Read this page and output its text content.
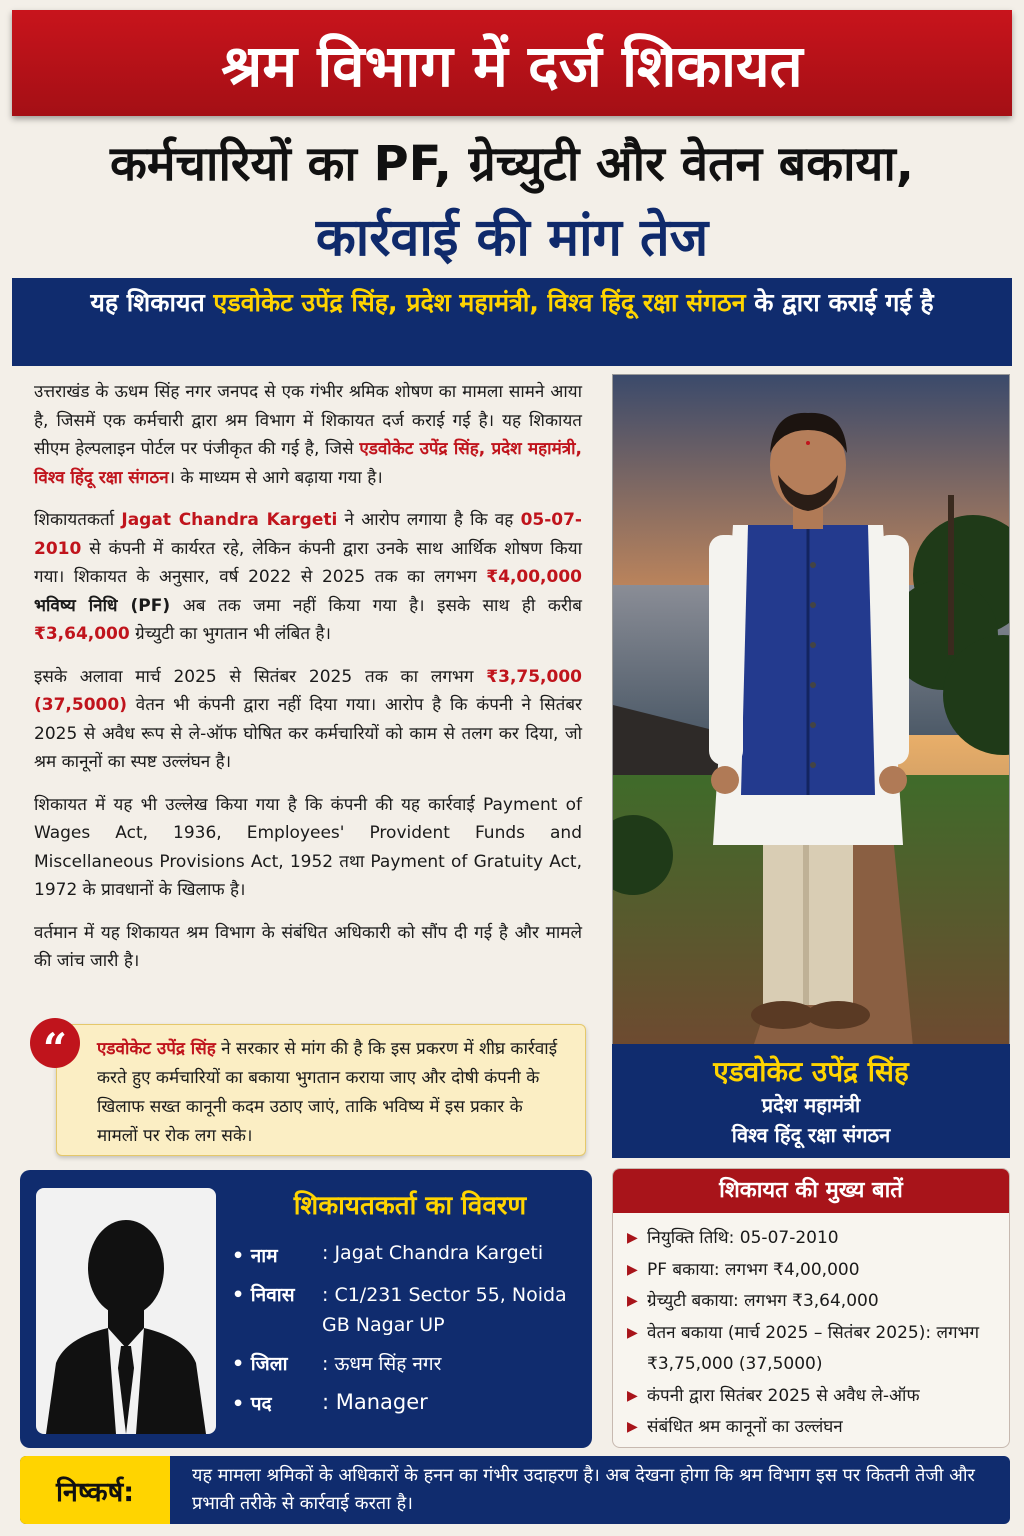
श्रम विभाग में दर्ज शिकायत
कर्मचारियों का PF, ग्रेच्युटी और वेतन बकाया,
कार्रवाई की मांग तेज
यह शिकायत एडवोकेट उपेंद्र सिंह, प्रदेश महामंत्री, विश्व हिंदू रक्षा संगठन के द्वारा कराई गई है

उत्तराखंड के ऊधम सिंह नगर जनपद से एक गंभीर श्रमिक शोषण का मामला सामने आया है, जिसमें एक कर्मचारी द्वारा श्रम विभाग में शिकायत दर्ज कराई गई है। यह शिकायत सीएम हेल्पलाइन पोर्टल पर पंजीकृत की गई है, जिसे एडवोकेट उपेंद्र सिंह, प्रदेश महामंत्री, विश्व हिंदू रक्षा संगठन। के माध्यम से आगे बढ़ाया गया है।

शिकायतकर्ता Jagat Chandra Kargeti ने आरोप लगाया है कि वह 05-07-2010 से कंपनी में कार्यरत रहे, लेकिन कंपनी द्वारा उनके साथ आर्थिक शोषण किया गया। शिकायत के अनुसार, वर्ष 2022 से 2025 तक का लगभग ₹4,00,000 भविष्य निधि (PF) अब तक जमा नहीं किया गया है। इसके साथ ही करीब ₹3,64,000 ग्रेच्युटी का भुगतान भी लंबित है।

इसके अलावा मार्च 2025 से सितंबर 2025 तक का लगभग ₹3,75,000 (37,5000) वेतन भी कंपनी द्वारा नहीं दिया गया। आरोप है कि कंपनी ने सितंबर 2025 से अवैध रूप से ले-ऑफ घोषित कर कर्मचारियों को काम से तलग कर दिया, जो श्रम कानूनों का स्पष्ट उल्लंघन है।

शिकायत में यह भी उल्लेख किया गया है कि कंपनी की यह कार्रवाई Payment of Wages Act, 1936, Employees' Provident Funds and Miscellaneous Provisions Act, 1952 तथा Payment of Gratuity Act, 1972 के प्रावधानों के खिलाफ है।

वर्तमान में यह शिकायत श्रम विभाग के संबंधित अधिकारी को सौंप दी गई है और मामले की जांच जारी है।

एडवोकेट उपेंद्र सिंह ने सरकार से मांग की है कि इस प्रकरण में शीघ्र कार्रवाई करते हुए कर्मचारियों का बकाया भुगतान कराया जाए और दोषी कंपनी के खिलाफ सख्त कानूनी कदम उठाए जाएं, ताकि भविष्य में इस प्रकार के मामलों पर रोक लग सके।
“	एडवोकेट उपेंद्र सिंह
प्रदेश महामंत्री
विश्व हिंदू रक्षा संगठन
शिकायतकर्ता का विवरण
• नाम : Jagat Chandra Kargeti
• निवास : C1/231 Sector 55, Noida GB Nagar UP
• जिला : ऊधम सिंह नगर
• पद : Manager
शिकायत की मुख्य बातें
▶ नियुक्ति तिथि: 05-07-2010
▶ PF बकाया: लगभग ₹4,00,000
▶ ग्रेच्युटी बकाया: लगभग ₹3,64,000
▶ वेतन बकाया (मार्च 2025 – सितंबर 2025): लगभग ₹3,75,000 (37,5000)
▶ कंपनी द्वारा सितंबर 2025 से अवैध ले-ऑफ
▶ संबंधित श्रम कानूनों का उल्लंघन
निष्कर्ष:
यह मामला श्रमिकों के अधिकारों के हनन का गंभीर उदाहरण है। अब देखना होगा कि श्रम विभाग इस पर कितनी तेजी और प्रभावी तरीके से कार्रवाई करता है।
